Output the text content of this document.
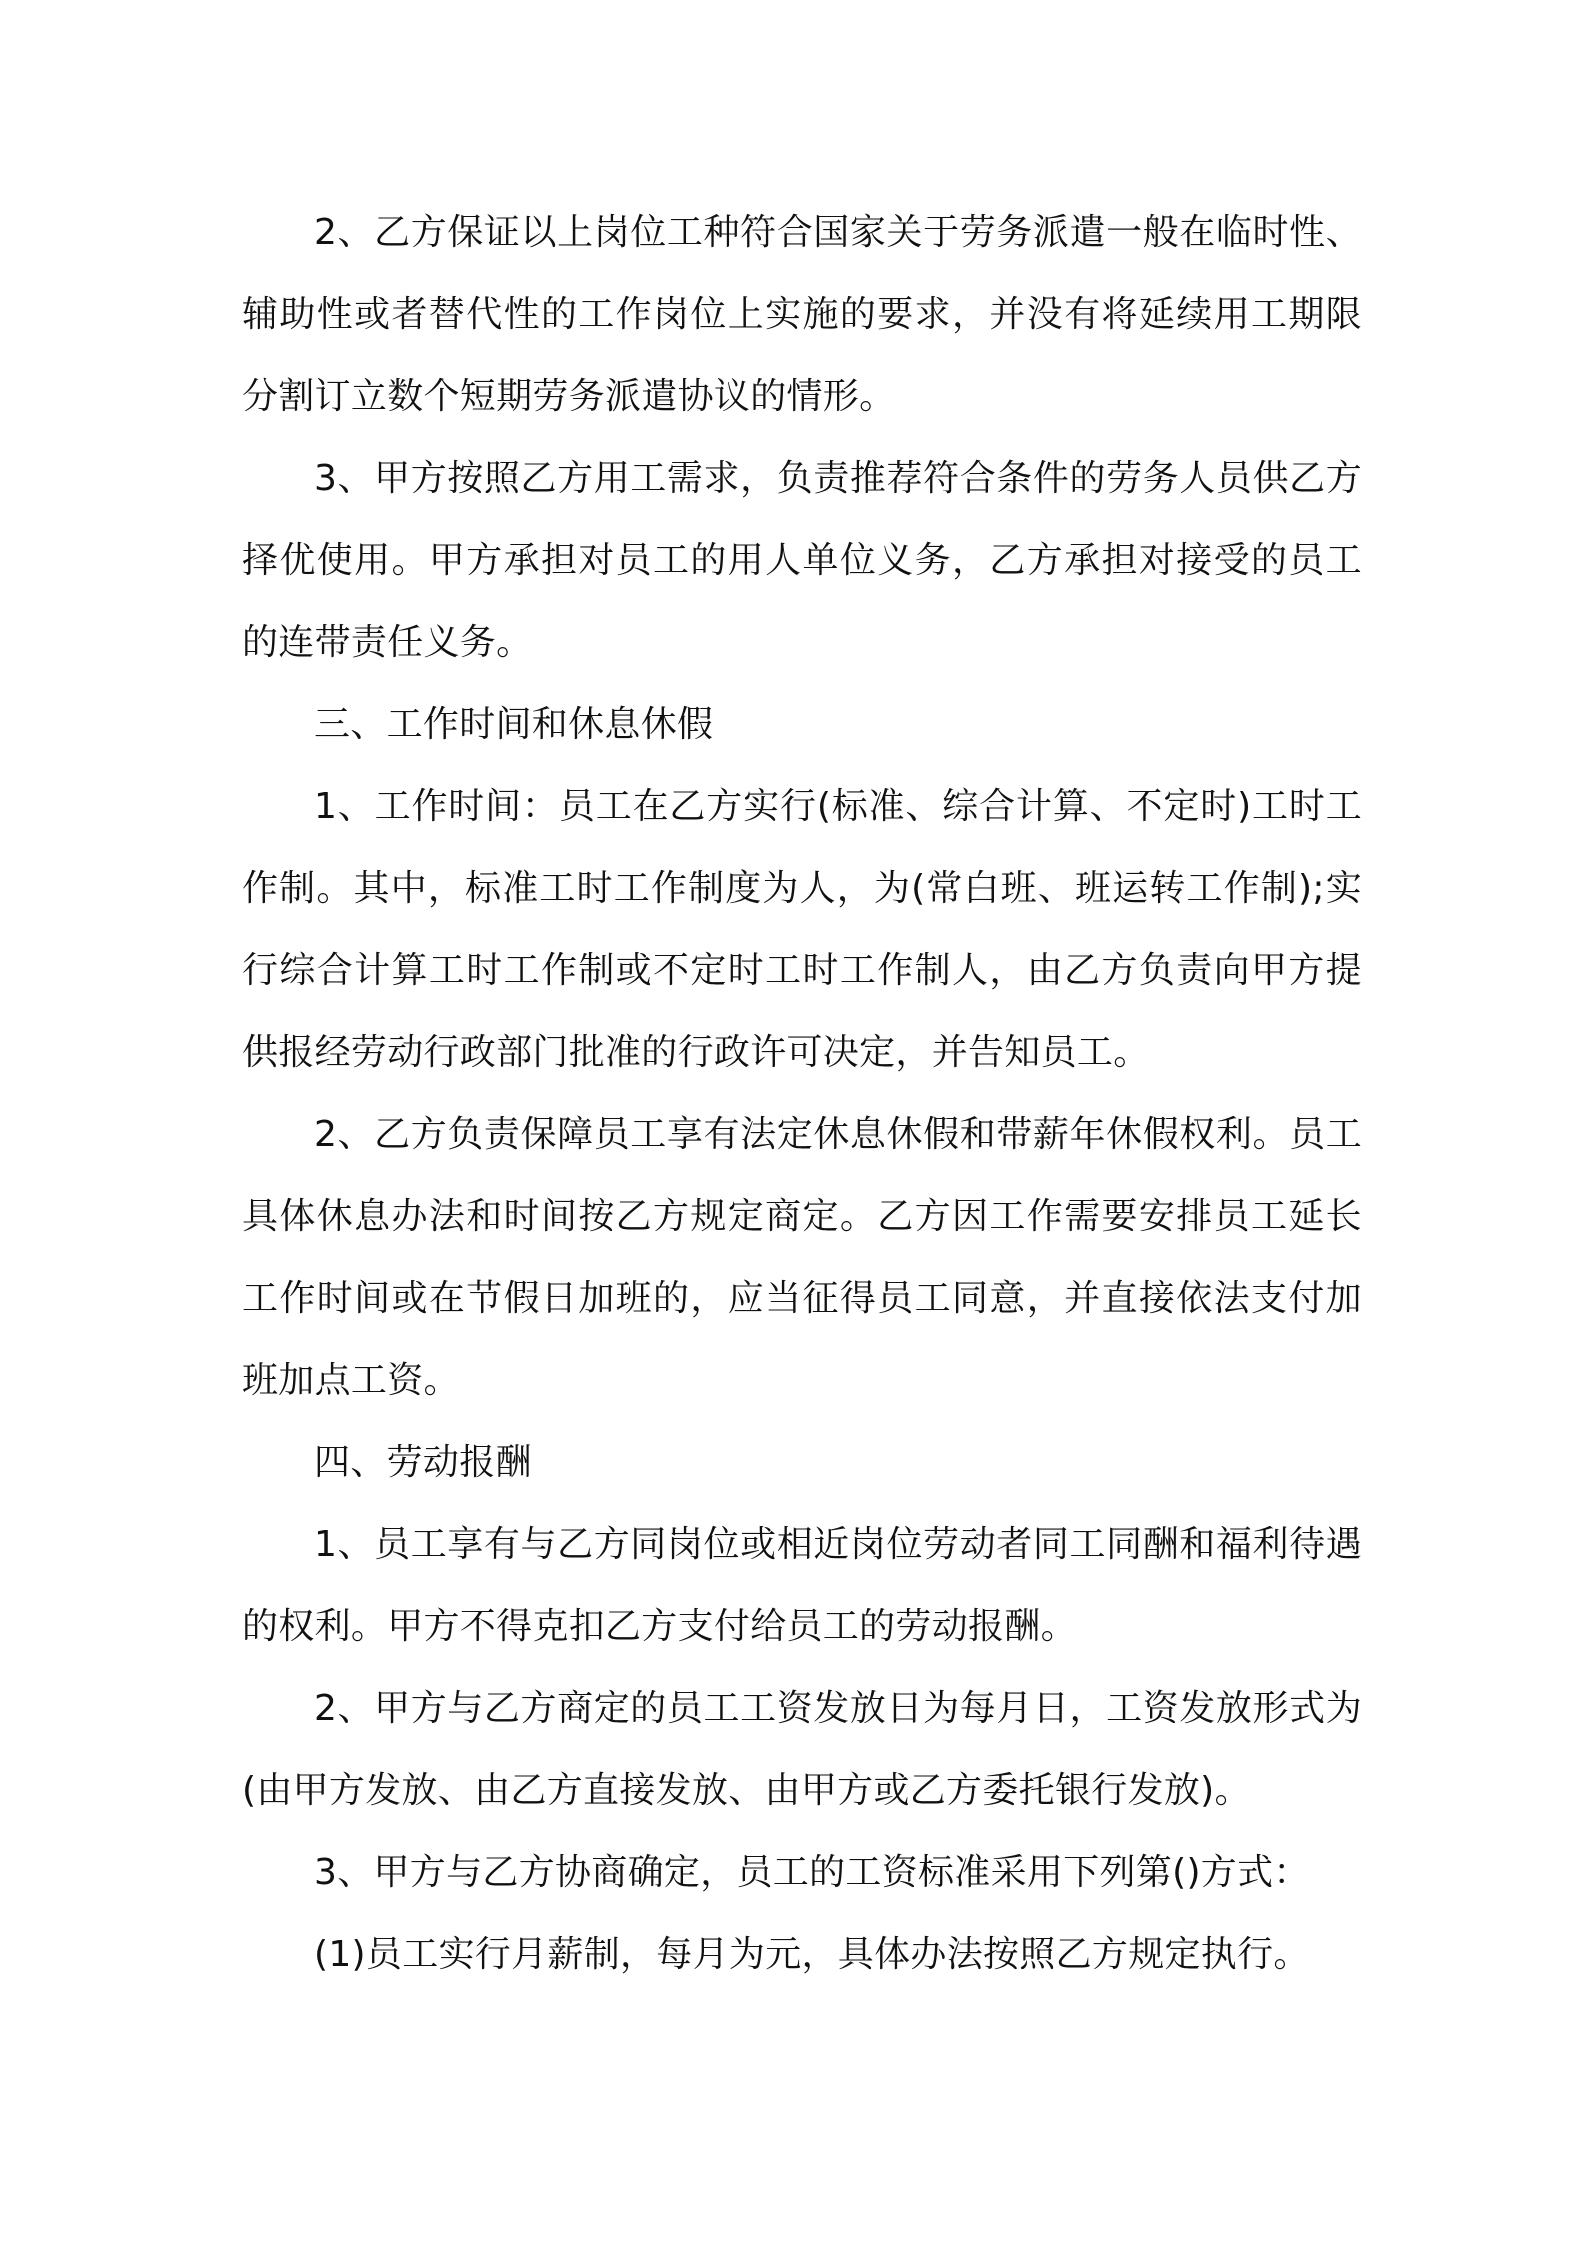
2、乙方保证以上岗位工种符合国家关于劳务派遣一般在临时性、辅助性或者替代性的工作岗位上实施的要求，并没有将延续用工期限分割订立数个短期劳务派遣协议的情形。

3、甲方按照乙方用工需求，负责推荐符合条件的劳务人员供乙方择优使用。甲方承担对员工的用人单位义务，乙方承担对接受的员工的连带责任义务。

三、工作时间和休息休假

1、工作时间：员工在乙方实行(标准、综合计算、不定时)工时工作制。其中，标准工时工作制度为人，为(常白班、班运转工作制);实行综合计算工时工作制或不定时工时工作制人，由乙方负责向甲方提供报经劳动行政部门批准的行政许可决定，并告知员工。

2、乙方负责保障员工享有法定休息休假和带薪年休假权利。员工具体休息办法和时间按乙方规定商定。乙方因工作需要安排员工延长工作时间或在节假日加班的，应当征得员工同意，并直接依法支付加班加点工资。

四、劳动报酬

1、员工享有与乙方同岗位或相近岗位劳动者同工同酬和福利待遇的权利。甲方不得克扣乙方支付给员工的劳动报酬。

2、甲方与乙方商定的员工工资发放日为每月日，工资发放形式为(由甲方发放、由乙方直接发放、由甲方或乙方委托银行发放)。

3、甲方与乙方协商确定，员工的工资标准采用下列第()方式：

(1)员工实行月薪制，每月为元，具体办法按照乙方规定执行。
